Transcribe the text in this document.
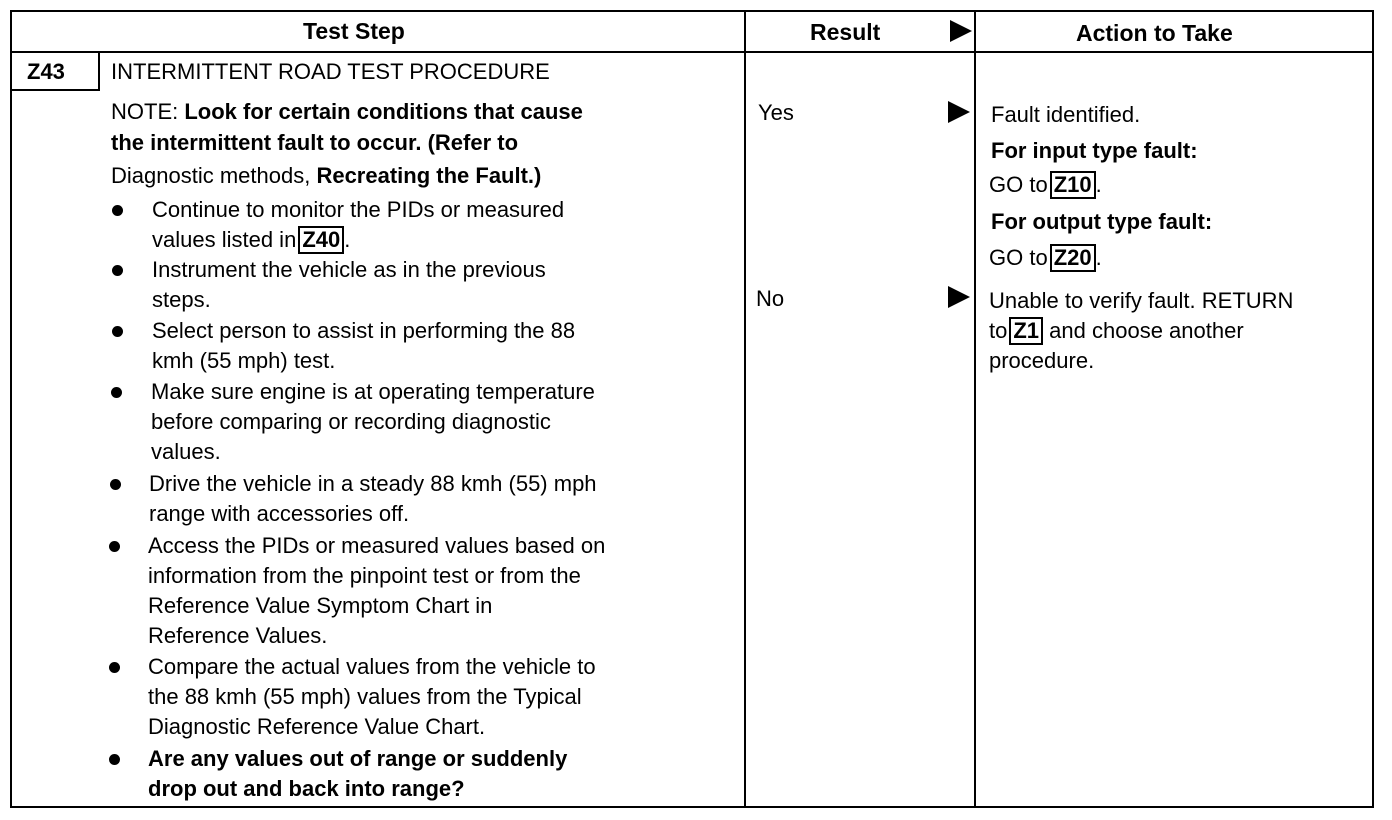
Test Step	Result	Action to Take
Z43 INTERMITTENT ROAD TEST PROCEDURE
NOTE: Look for certain conditions that cause
the intermittent fault to occur. (Refer to
Diagnostic methods, Recreating the Fault.)
Continue to monitor the PIDs or measured
values listed in Z40 .
Instrument the vehicle as in the previous
steps.
Select person to assist in performing the 88
kmh (55 mph) test.
Make sure engine is at operating temperature
before comparing or recording diagnostic
values.
Drive the vehicle in a steady 88 kmh (55) mph
range with accessories off.
Access the PIDs or measured values based on
information from the pinpoint test or from the
Reference Value Symptom Chart in
Reference Values.
Compare the actual values from the vehicle to
the 88 kmh (55 mph) values from the Typical
Diagnostic Reference Value Chart.
Are any values out of range or suddenly
drop out and back into range?
Yes	Fault identified.
For input type fault:
GO to Z10 .
For output type fault:
GO to Z20 .
No	Unable to verify fault. RETURN
to Z1 and choose another
procedure.
